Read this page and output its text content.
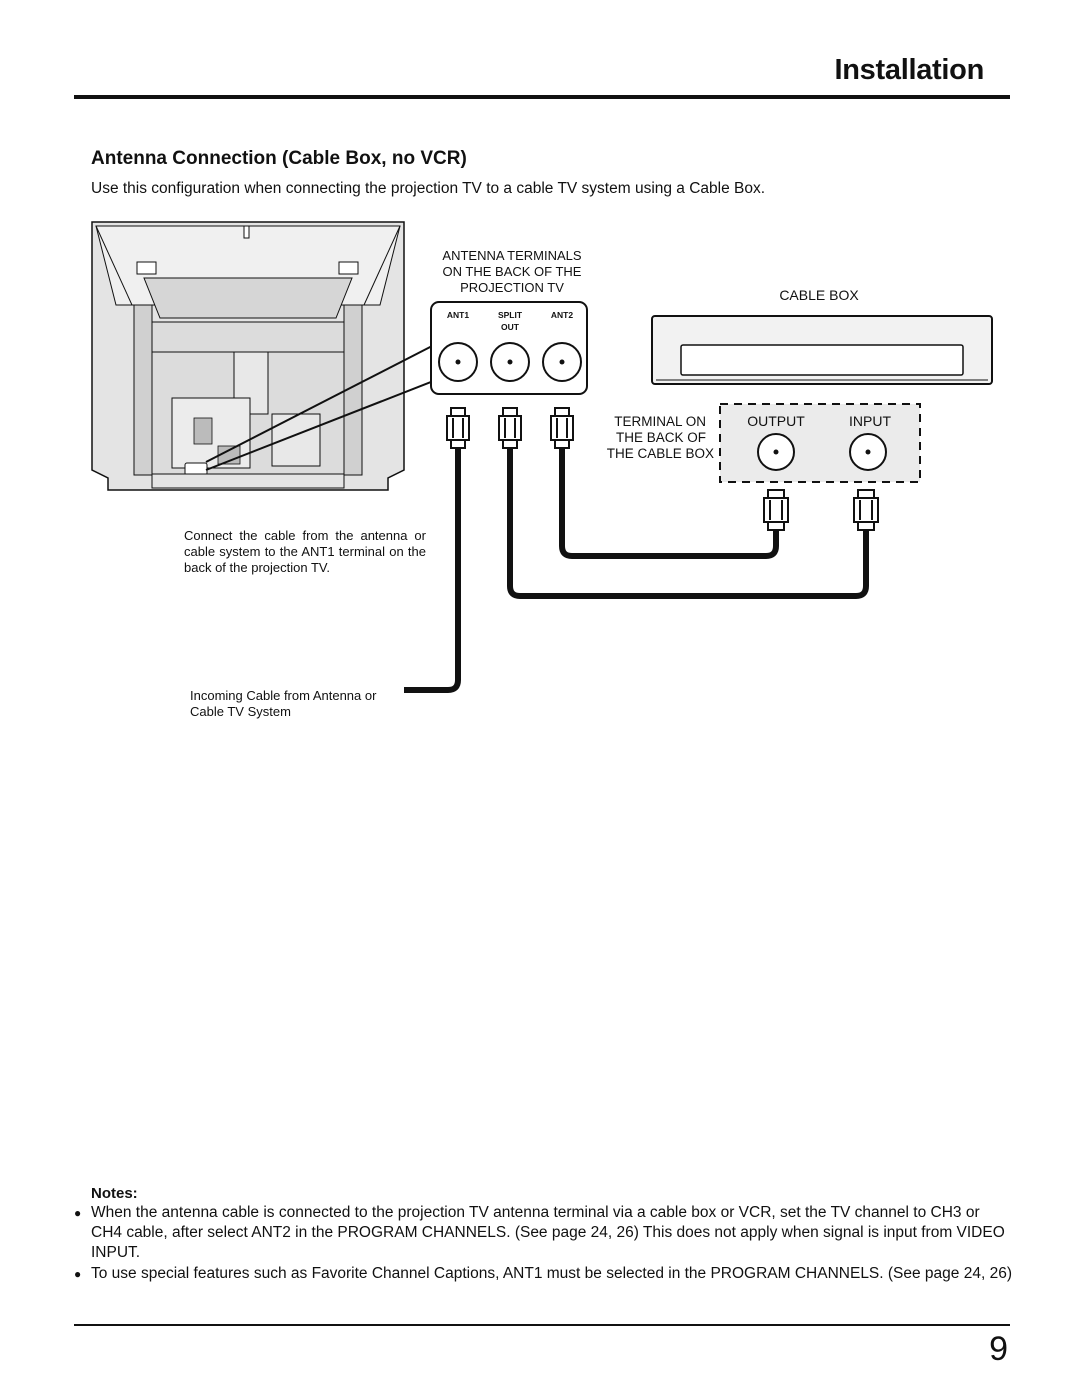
Installation
Antenna Connection (Cable Box, no VCR)
Use this configuration when connecting the projection TV to a cable TV system using a Cable Box.
ANTENNA TERMINALS
ON THE BACK OF THE
PROJECTION TV
ANT1	SPLIT
OUT
ANT2
CABLE BOX
TERMINAL ON
THE BACK OF
THE CABLE BOX
OUTPUT	INPUT
Connect the cable from the antenna or cable system to the ANT1 terminal on the back of the projection TV.
Incoming Cable from Antenna or Cable TV System
Notes:
● When the antenna cable is connected to the projection TV antenna terminal via a cable box or VCR, set the TV channel to CH3 or CH4 cable, after select ANT2 in the PROGRAM CHANNELS. (See page 24, 26) This does not apply when signal is input from VIDEO INPUT.
● To use special features such as Favorite Channel Captions, ANT1 must be selected in the PROGRAM CHANNELS. (See page 24, 26)
9
